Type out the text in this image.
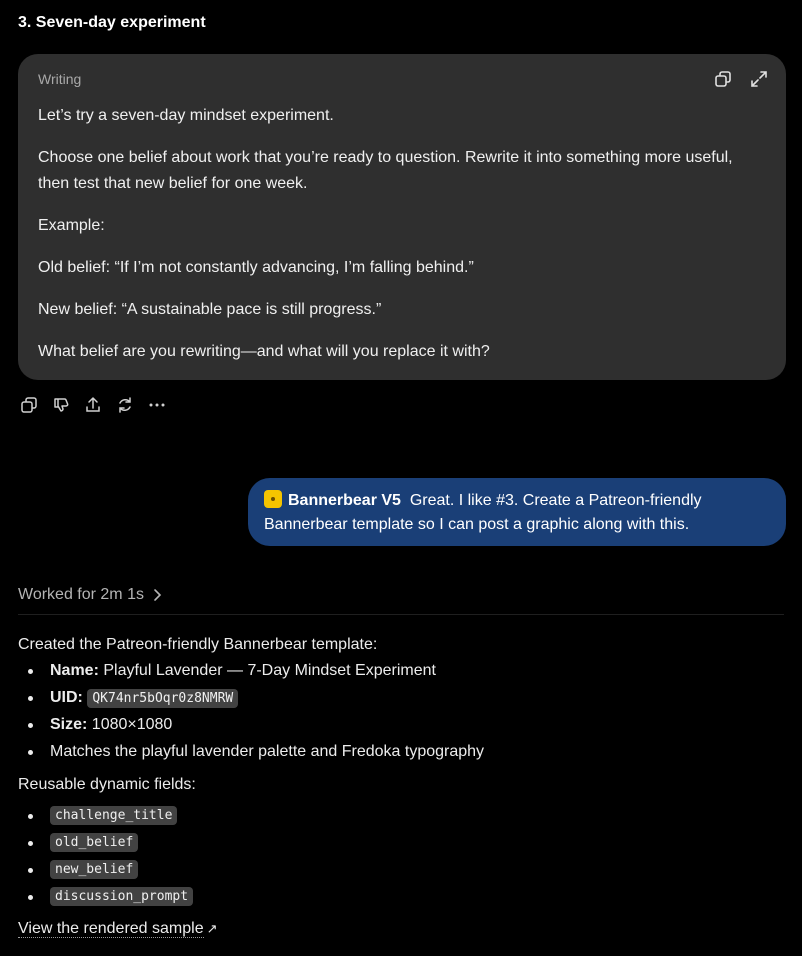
3. Seven-day experiment
Writing

Let’s try a seven-day mindset experiment.

Choose one belief about work that you’re ready to question. Rewrite it into something more useful, then test that new belief for one week.

Example:

Old belief: “If I’m not constantly advancing, I’m falling behind.”

New belief: “A sustainable pace is still progress.”

What belief are you rewriting—and what will you replace it with?

Bannerbear V5 Great. I like #3. Create a Patreon-friendly Bannerbear template so I can post a graphic along with this.
Worked for 2m 1s
Created the Patreon-friendly Bannerbear template:
Name: Playful Lavender — 7-Day Mindset Experiment
UID: QK74nr5bOqr0z8NMRW
Size: 1080×1080
Matches the playful lavender palette and Fredoka typography
Reusable dynamic fields:
challenge_title
old_belief
new_belief
discussion_prompt
View the rendered sample ↗
